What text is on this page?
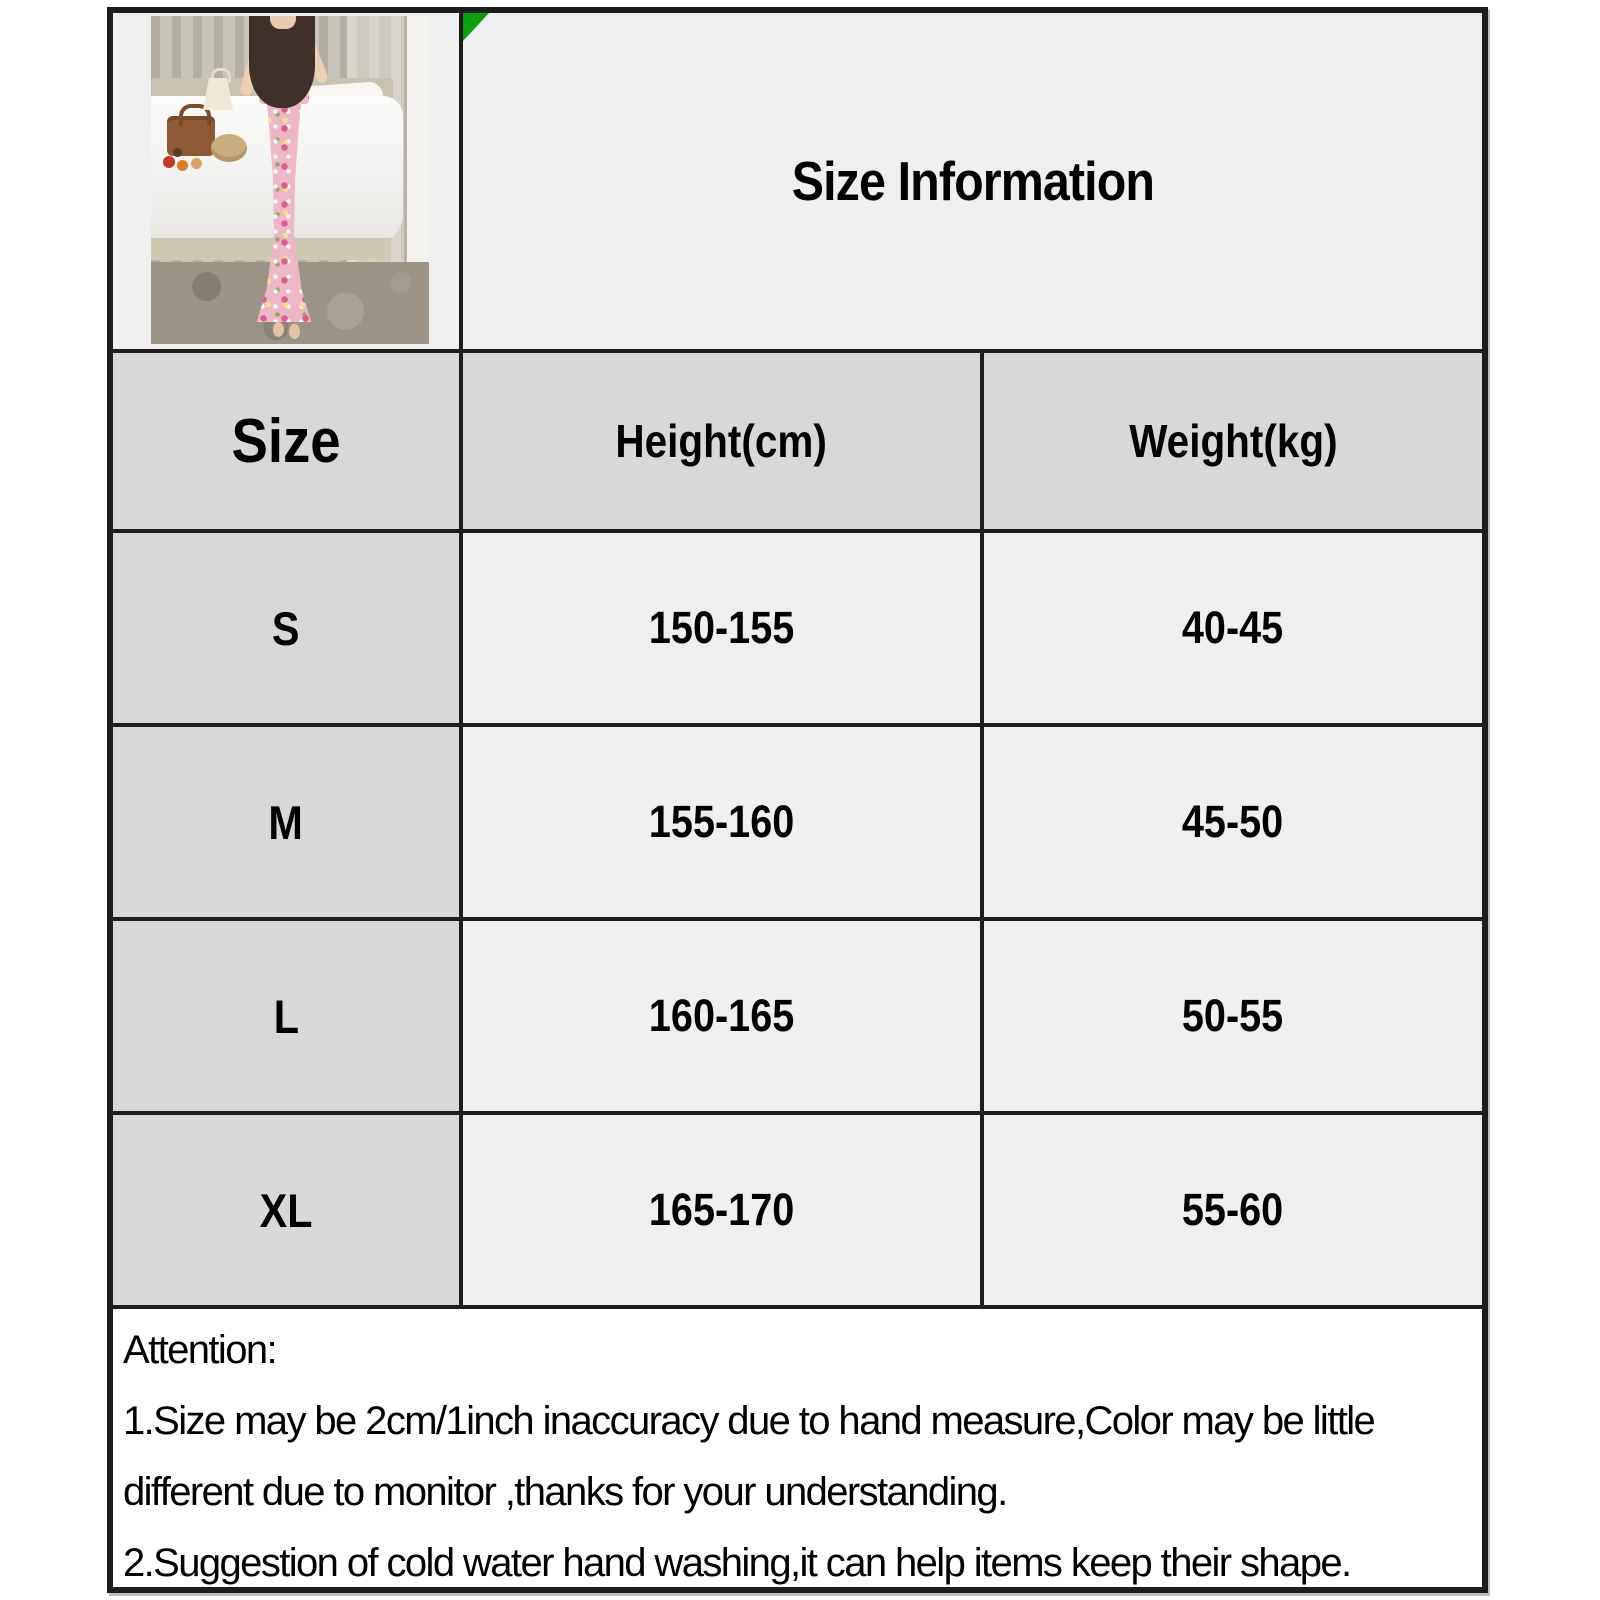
Size Information
Size	Height(cm)	Weight(kg)
S	150-155	40-45
M	155-160	45-50
L	160-165	50-55
XL	165-170	55-60
Attention:
1.Size may be 2cm/1inch inaccuracy due to hand measure,Color may be little different due to monitor ,thanks for your understanding.
2.Suggestion of cold water hand washing,it can help items keep their shape.
